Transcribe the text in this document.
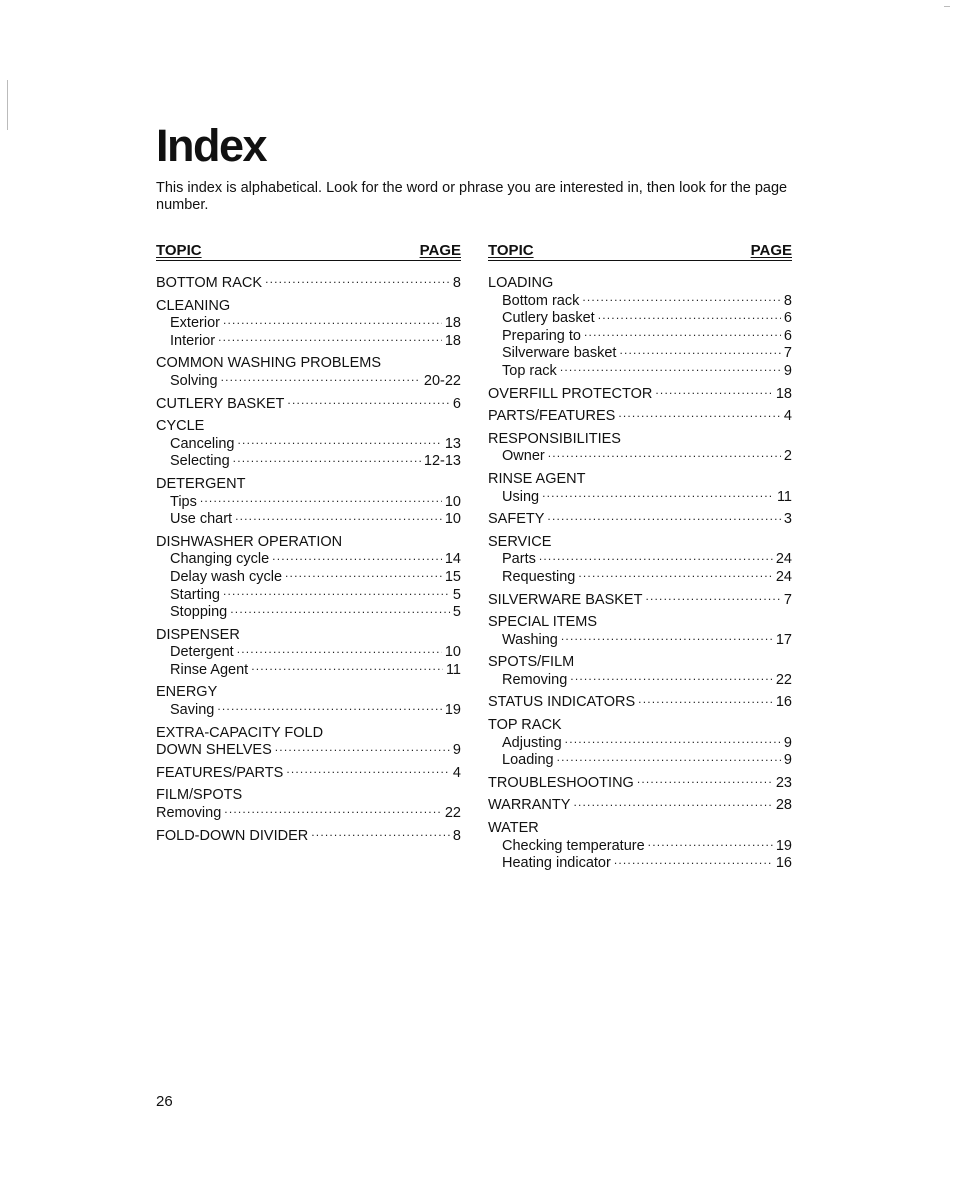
Index

This index is alphabetical. Look for the word or phrase you are interested in, then look for the page number.

TOPIC	PAGE
BOTTOM RACK .....	8
CLEANING
Exterior .....	18
Interior .....	18
COMMON WASHING PROBLEMS
Solving .....	20-22
CUTLERY BASKET .....	6
CYCLE
Canceling .....	13
Selecting .....	12-13
DETERGENT
Tips .....	10
Use chart .....	10
DISHWASHER OPERATION
Changing cycle .....	14
Delay wash cycle .....	15
Starting .....	5
Stopping .....	5
DISPENSER
Detergent .....	10
Rinse Agent .....	11
ENERGY
Saving .....	19
EXTRA-CAPACITY FOLD
DOWN SHELVES .....	9
FEATURES/PARTS .....	4
FILM/SPOTS
Removing .....	22
FOLD-DOWN DIVIDER .....	8
TOPIC	PAGE
LOADING
Bottom rack .....	8
Cutlery basket .....	6
Preparing to .....	6
Silverware basket .....	7
Top rack .....	9
OVERFILL PROTECTOR .....	18
PARTS/FEATURES .....	4
RESPONSIBILITIES
Owner .....	2
RINSE AGENT
Using .....	11
SAFETY .....	3
SERVICE
Parts .....	24
Requesting .....	24
SILVERWARE BASKET .....	7
SPECIAL ITEMS
Washing .....	17
SPOTS/FILM
Removing .....	22
STATUS INDICATORS .....	16
TOP RACK
Adjusting .....	9
Loading .....	9
TROUBLESHOOTING .....	23
WARRANTY .....	28
WATER
Checking temperature .....	19
Heating indicator .....	16
26
